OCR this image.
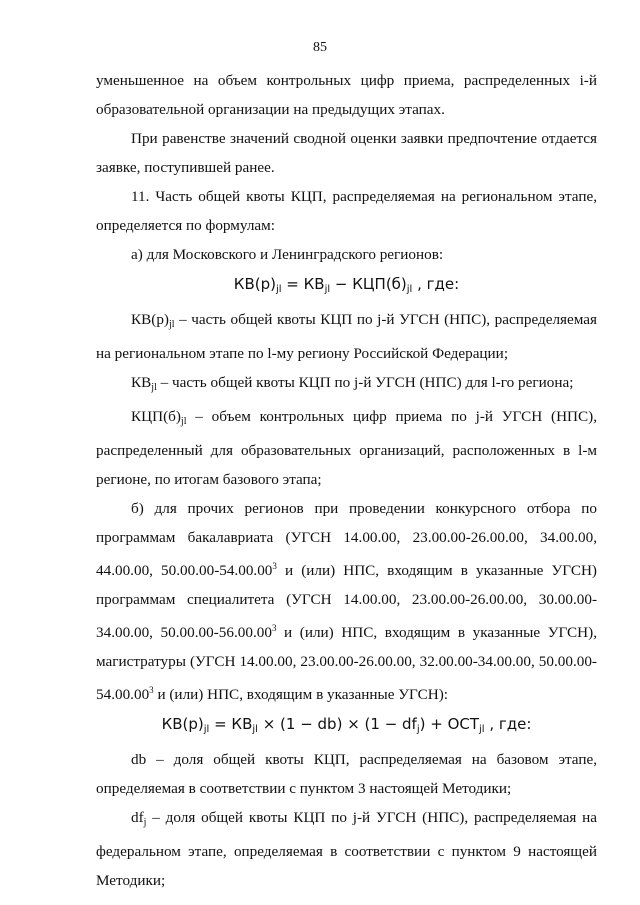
85

уменьшенное на объем контрольных цифр приема, распределенных i-й образовательной организации на предыдущих этапах.

При равенстве значений сводной оценки заявки предпочтение отдается заявке, поступившей ранее.

11. Часть общей квоты КЦП, распределяемая на региональном этапе, определяется по формулам:

а) для Московского и Ленинградского регионов:

$КВ(р)_{jl} = КВ_{jl} - КЦП(б)_{jl}$ , где:

$КВ(р)_{jl}$ – часть общей квоты КЦП по j-й УГСН (НПС), распределяемая на региональном этапе по l-му региону Российской Федерации;

$КВ_{jl}$ – часть общей квоты КЦП по j-й УГСН (НПС) для l-го региона;

$КЦП(б)_{jl}$ – объем контрольных цифр приема по j-й УГСН (НПС), распределенный для образовательных организаций, расположенных в l-м регионе, по итогам базового этапа;

б) для прочих регионов при проведении конкурсного отбора по программам бакалавриата (УГСН 14.00.00, 23.00.00-26.00.00, 34.00.00, 44.00.00, 50.00.00-54.00.00$^3$ и (или) НПС, входящим в указанные УГСН) программам специалитета (УГСН 14.00.00, 23.00.00-26.00.00, 30.00.00-34.00.00, 50.00.00-56.00.00$^3$ и (или) НПС, входящим в указанные УГСН), магистратуры (УГСН 14.00.00, 23.00.00-26.00.00, 32.00.00-34.00.00, 50.00.00-54.00.00$^3$ и (или) НПС, входящим в указанные УГСН):

$КВ(р)_{jl} = КВ_{jl} \times (1 - db) \times (1 - df_j) + ОСТ_{jl}$ , где:

db – доля общей квоты КЦП, распределяемая на базовом этапе, определяемая в соответствии с пунктом 3 настоящей Методики;

$df_j$ – доля общей квоты КЦП по j-й УГСН (НПС), распределяемая на федеральном этапе, определяемая в соответствии с пунктом 9 настоящей Методики;
